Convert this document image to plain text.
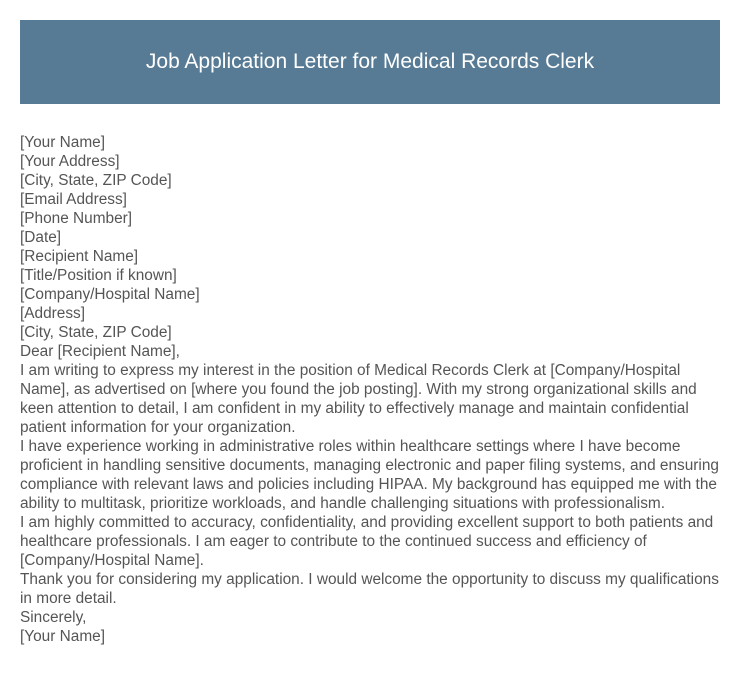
Job Application Letter for Medical Records Clerk
[Your Name]
[Your Address]
[City, State, ZIP Code]
[Email Address]
[Phone Number]
[Date]
[Recipient Name]
[Title/Position if known]
[Company/Hospital Name]
[Address]
[City, State, ZIP Code]
Dear [Recipient Name],

I am writing to express my interest in the position of Medical Records Clerk at [Company/Hospital Name], as advertised on [where you found the job posting]. With my strong organizational skills and keen attention to detail, I am confident in my ability to effectively manage and maintain confidential patient information for your organization.

I have experience working in administrative roles within healthcare settings where I have become proficient in handling sensitive documents, managing electronic and paper filing systems, and ensuring compliance with relevant laws and policies including HIPAA. My background has equipped me with the ability to multitask, prioritize workloads, and handle challenging situations with professionalism.

I am highly committed to accuracy, confidentiality, and providing excellent support to both patients and healthcare professionals. I am eager to contribute to the continued success and efficiency of [Company/Hospital Name].

Thank you for considering my application. I would welcome the opportunity to discuss my qualifications in more detail.

Sincerely,
[Your Name]
